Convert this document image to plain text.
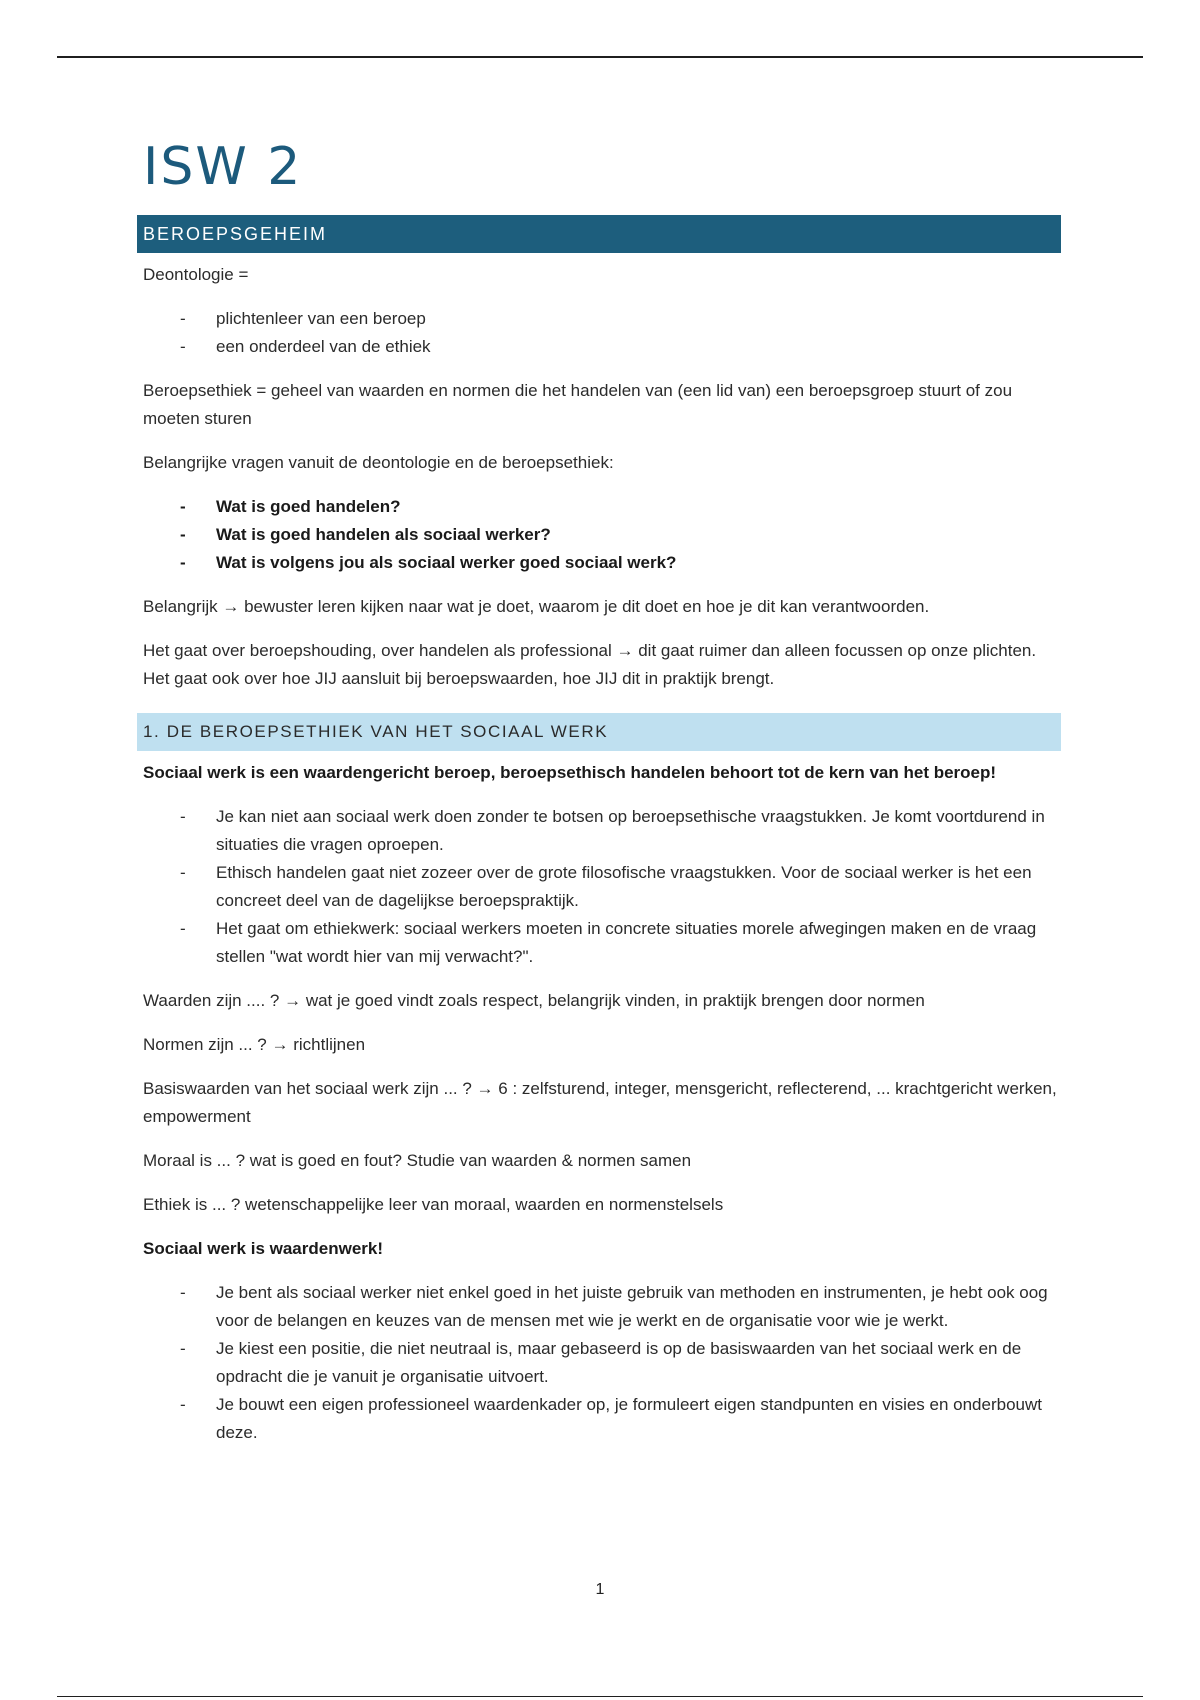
ISW 2
BEROEPSGEHEIM

Deontologie =

- plichtenleer van een beroep
- een onderdeel van de ethiek

Beroepsethiek = geheel van waarden en normen die het handelen van (een lid van) een beroepsgroep stuurt of zou moeten sturen

Belangrijke vragen vanuit de deontologie en de beroepsethiek:

- Wat is goed handelen?
- Wat is goed handelen als sociaal werker?
- Wat is volgens jou als sociaal werker goed sociaal werk?

Belangrijk → bewuster leren kijken naar wat je doet, waarom je dit doet en hoe je dit kan verantwoorden.

Het gaat over beroepshouding, over handelen als professional → dit gaat ruimer dan alleen focussen op onze plichten. Het gaat ook over hoe JIJ aansluit bij beroepswaarden, hoe JIJ dit in praktijk brengt.

1. DE BEROEPSETHIEK VAN HET SOCIAAL WERK

Sociaal werk is een waardengericht beroep, beroepsethisch handelen behoort tot de kern van het beroep!

- Je kan niet aan sociaal werk doen zonder te botsen op beroepsethische vraagstukken. Je komt voortdurend in situaties die vragen oproepen.
- Ethisch handelen gaat niet zozeer over de grote filosofische vraagstukken. Voor de sociaal werker is het een concreet deel van de dagelijkse beroepspraktijk.
- Het gaat om ethiekwerk: sociaal werkers moeten in concrete situaties morele afwegingen maken en de vraag stellen "wat wordt hier van mij verwacht?".

Waarden zijn .... ? → wat je goed vindt zoals respect, belangrijk vinden, in praktijk brengen door normen

Normen zijn ... ? → richtlijnen

Basiswaarden van het sociaal werk zijn ... ? → 6 : zelfsturend, integer, mensgericht, reflecterend, ... krachtgericht werken, empowerment

Moraal is ... ? wat is goed en fout? Studie van waarden & normen samen

Ethiek is ... ? wetenschappelijke leer van moraal, waarden en normenstelsels

Sociaal werk is waardenwerk!

- Je bent als sociaal werker niet enkel goed in het juiste gebruik van methoden en instrumenten, je hebt ook oog voor de belangen en keuzes van de mensen met wie je werkt en de organisatie voor wie je werkt.
- Je kiest een positie, die niet neutraal is, maar gebaseerd is op de basiswaarden van het sociaal werk en de opdracht die je vanuit je organisatie uitvoert.
- Je bouwt een eigen professioneel waardenkader op, je formuleert eigen standpunten en visies en onderbouwt deze.
1
